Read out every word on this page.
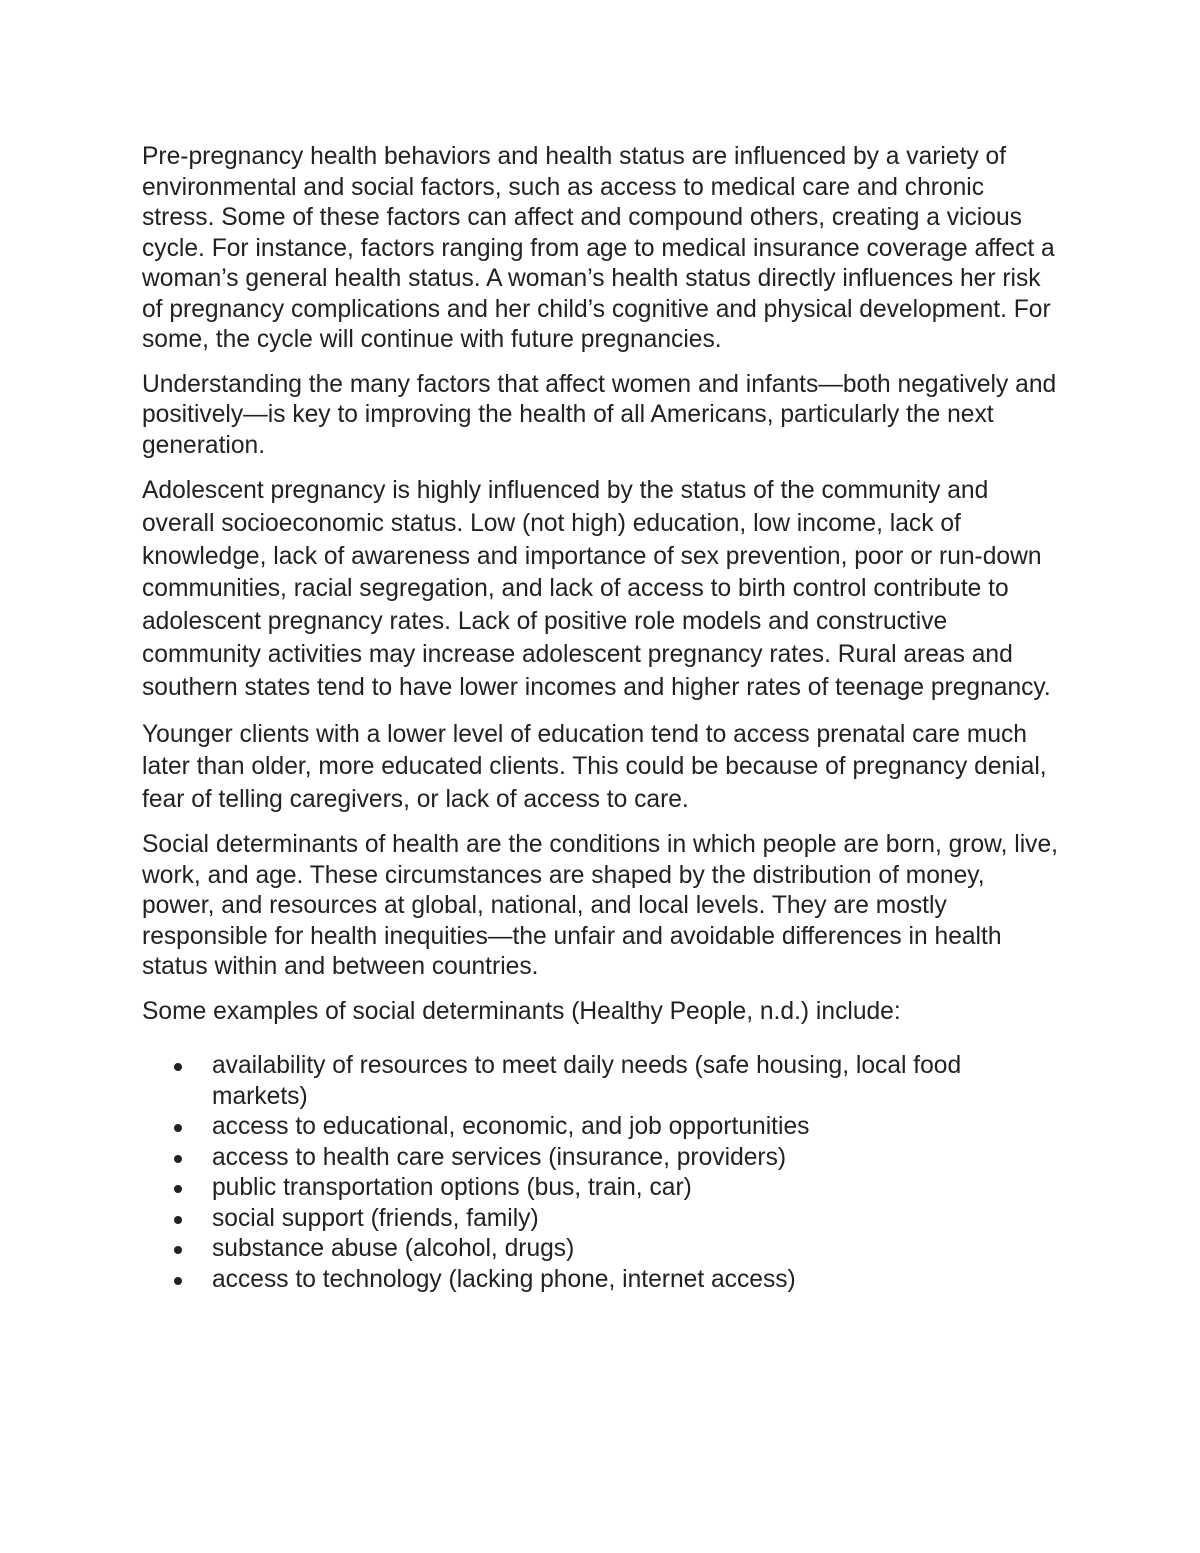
Pre-pregnancy health behaviors and health status are influenced by a variety of environmental and social factors, such as access to medical care and chronic stress. Some of these factors can affect and compound others, creating a vicious cycle. For instance, factors ranging from age to medical insurance coverage affect a woman’s general health status. A woman’s health status directly influences her risk of pregnancy complications and her child’s cognitive and physical development. For some, the cycle will continue with future pregnancies.

Understanding the many factors that affect women and infants—both negatively and positively—is key to improving the health of all Americans, particularly the next generation.

Adolescent pregnancy is highly influenced by the status of the community and overall socioeconomic status. Low (not high) education, low income, lack of knowledge, lack of awareness and importance of sex prevention, poor or run-down communities, racial segregation, and lack of access to birth control contribute to adolescent pregnancy rates. Lack of positive role models and constructive community activities may increase adolescent pregnancy rates. Rural areas and southern states tend to have lower incomes and higher rates of teenage pregnancy.

Younger clients with a lower level of education tend to access prenatal care much later than older, more educated clients. This could be because of pregnancy denial, fear of telling caregivers, or lack of access to care.

Social determinants of health are the conditions in which people are born, grow, live, work, and age. These circumstances are shaped by the distribution of money, power, and resources at global, national, and local levels. They are mostly responsible for health inequities—the unfair and avoidable differences in health status within and between countries.

Some examples of social determinants (Healthy People, n.d.) include:

availability of resources to meet daily needs (safe housing, local food markets)
access to educational, economic, and job opportunities
access to health care services (insurance, providers)
public transportation options (bus, train, car)
social support (friends, family)
substance abuse (alcohol, drugs)
access to technology (lacking phone, internet access)
